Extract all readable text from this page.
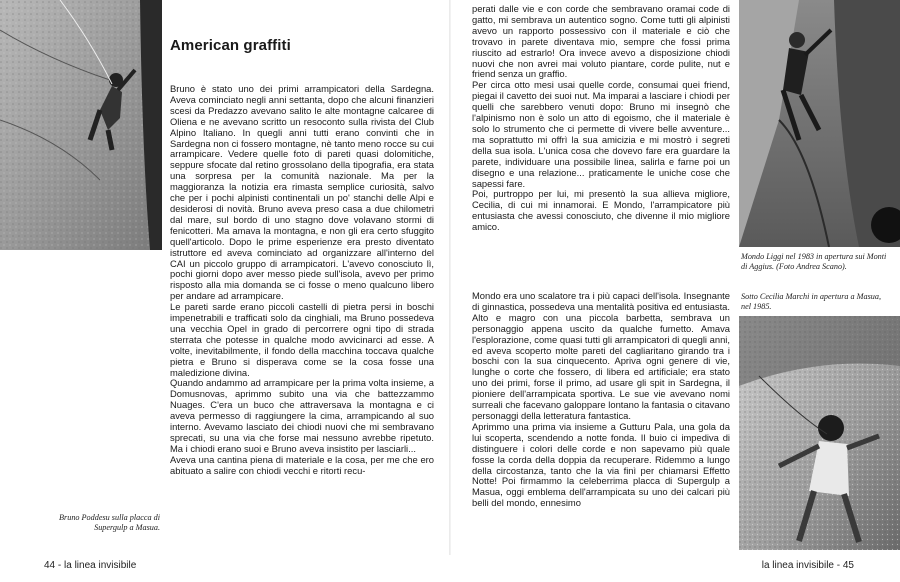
Bruno Poddesu sulla placca di Supergulp a Masua.
American graffiti

Bruno è stato uno dei primi arrampicatori della Sardegna. Aveva cominciato negli anni settanta, dopo che alcuni finanzieri scesi da Predazzo avevano salito le alte montagne calcaree di Oliena e ne avevano scritto un resoconto sulla rivista del Club Alpino Italiano. In quegli anni tutti erano convinti che in Sardegna non ci fossero montagne, nè tanto meno rocce su cui arrampicare. Vedere quelle foto di pareti quasi dolomitiche, seppure sfocate dal retino grossolano della tipografia, era stata una sorpresa per la comunità nazionale. Ma per la maggioranza la notizia era rimasta semplice curiosità, salvo che per i pochi alpinisti continentali un po' stanchi delle Alpi e desiderosi di novità. Bruno aveva preso casa a due chilometri dal mare, sul bordo di uno stagno dove volavano stormi di fenicotteri. Ma amava la montagna, e non gli era certo sfuggito quell'articolo. Dopo le prime esperienze era presto diventato istruttore ed aveva cominciato ad organizzare all'interno del CAI un piccolo gruppo di arrampicatori. L'avevo conosciuto lì, pochi giorni dopo aver messo piede sull'isola, avevo per primo risposto alla mia domanda se ci fosse o meno qualcuno libero per andare ad arrampicare.

Le pareti sarde erano piccoli castelli di pietra persi in boschi impenetrabili e trafficati solo da cinghiali, ma Bruno possedeva una vecchia Opel in grado di percorrere ogni tipo di strada sterrata che potesse in qualche modo avvicinarci ad esse. A volte, inevitabilmente, il fondo della macchina toccava qualche pietra e Bruno si disperava come se la cosa fosse una maledizione divina.

Quando andammo ad arrampicare per la prima volta insieme, a Domusnovas, aprimmo subito una via che battezzammo Nuages. C'era un buco che attraversava la montagna e ci aveva permesso di raggiungere la cima, arrampicando al suo interno. Avevamo lasciato dei chiodi nuovi che mi sembravano sprecati, su una via che forse mai nessuno avrebbe ripetuto. Ma i chiodi erano suoi e Bruno aveva insistito per lasciarli...

Aveva una cantina piena di materiale e la cosa, per me che ero abituato a salire con chiodi vecchi e ritorti recu-

44 - la linea invisibile

perati dalle vie e con corde che sembravano oramai code di gatto, mi sembrava un autentico sogno. Come tutti gli alpinisti avevo un rapporto possessivo con il materiale e ciò che trovavo in parete diventava mio, sempre che fossi prima riuscito ad estrarlo! Ora invece avevo a disposizione chiodi nuovi che non avrei mai voluto piantare, corde pulite, nut e friend senza un graffio.

Per circa otto mesi usai quelle corde, consumai quei friend, piegai il cavetto dei suoi nut. Ma imparai a lasciare i chiodi per quelli che sarebbero venuti dopo: Bruno mi insegnò che l'alpinismo non è solo un atto di egoismo, che il materiale è solo lo strumento che ci permette di vivere belle avventure... ma soprattutto mi offrì la sua amicizia e mi mostrò i segreti della sua isola. L'unica cosa che dovevo fare era guardare la parete, individuare una possibile linea, salirla e farne poi un disegno e una relazione... praticamente le uniche cose che sapessi fare.

Poi, purtroppo per lui, mi presentò la sua allieva migliore, Cecilia, di cui mi innamorai. E Mondo, l'arrampicatore più entusiasta che avessi conosciuto, che divenne il mio migliore amico.

Mondo era uno scalatore tra i più capaci dell'isola. Insegnante di ginnastica, possedeva una mentalità positiva ed entusiasta. Alto e magro con una piccola barbetta, sembrava un personaggio appena uscito da qualche fumetto. Amava l'esplorazione, come quasi tutti gli arrampicatori di quegli anni, ed aveva scoperto molte pareti del cagliaritano girando tra i boschi con la sua cinquecento. Apriva ogni genere di vie, lunghe o corte che fossero, di libera ed artificiale; era stato uno dei primi, forse il primo, ad usare gli spit in Sardegna, il pioniere dell'arrampicata sportiva. Le sue vie avevano nomi surreali che facevano galoppare lontano la fantasia o citavano personaggi della letteratura fantastica.

Aprimmo una prima via insieme a Gutturu Pala, una gola da lui scoperta, scendendo a notte fonda. Il buio ci impediva di distinguere i colori delle corde e non sapevamo più quale fosse la corda della doppia da recuperare. Ridemmo a lungo della circostanza, tanto che la via finì per chiamarsi Effetto Notte! Poi firmammo la celeberrima placca di Supergulp a Masua, oggi emblema dell'arrampicata su uno dei calcari più belli del mondo, ennesimo

Mondo Liggi nel 1983 in apertura sui Monti di Aggius. (Foto Andrea Scano).
Sotto Cecilia Marchi in apertura a Masua, nel 1985.
la linea invisibile - 45
